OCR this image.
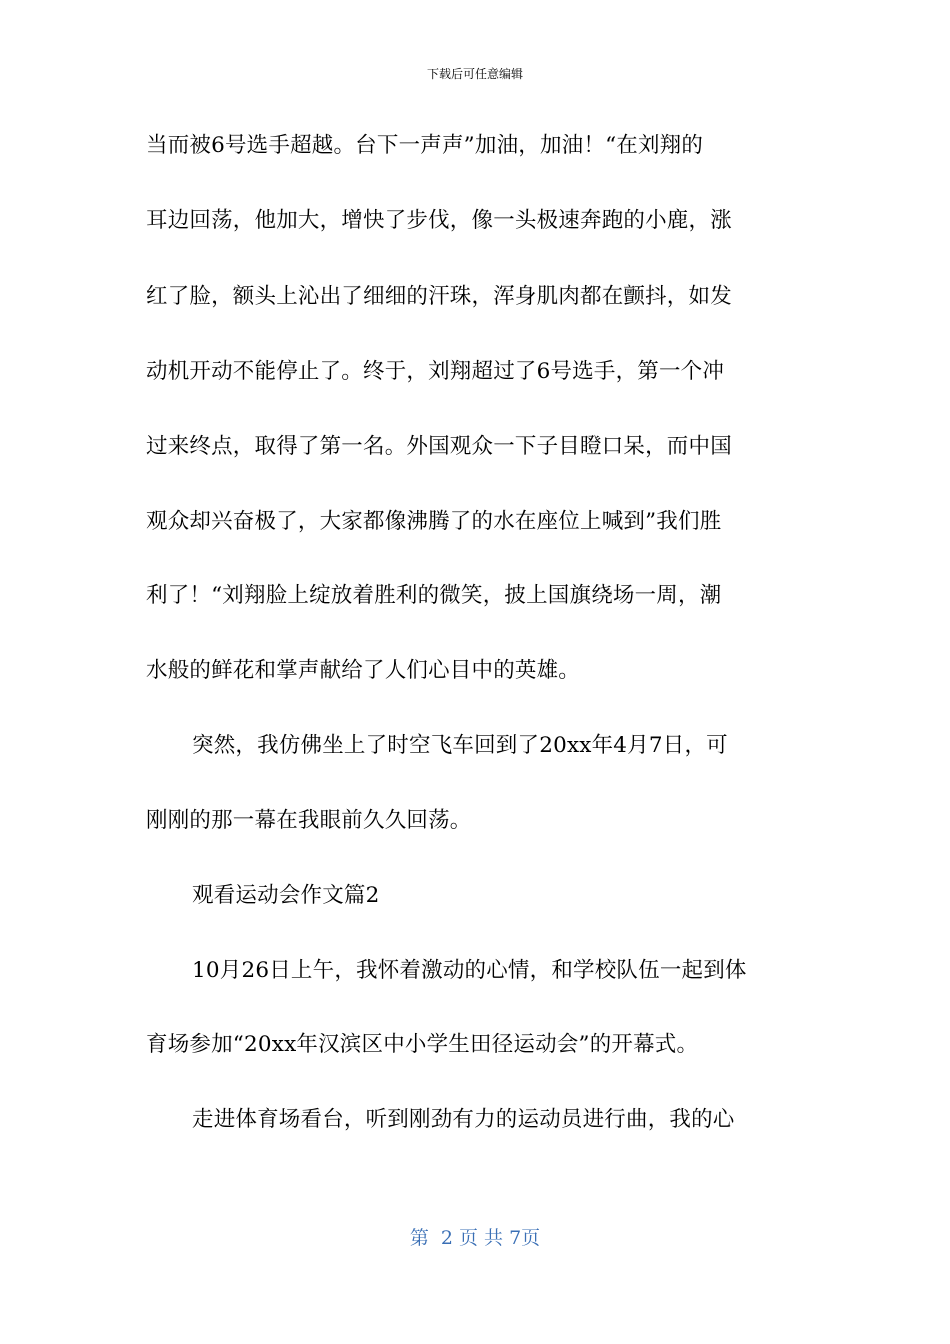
下载后可任意编辑
当而被6号选手超越。台下一声声”加油，加油！“在刘翔的
耳边回荡，他加大，增快了步伐，像一头极速奔跑的小鹿，涨
红了脸，额头上沁出了细细的汗珠，浑身肌肉都在颤抖，如发
动机开动不能停止了。终于，刘翔超过了6号选手，第一个冲
过来终点，取得了第一名。外国观众一下子目瞪口呆，而中国
观众却兴奋极了，大家都像沸腾了的水在座位上喊到”我们胜
利了！“刘翔脸上绽放着胜利的微笑，披上国旗绕场一周，潮
水般的鲜花和掌声献给了人们心目中的英雄。
突然，我仿佛坐上了时空飞车回到了20xx年4月7日，可
刚刚的那一幕在我眼前久久回荡。
观看运动会作文篇2
10月26日上午，我怀着激动的心情，和学校队伍一起到体
育场参加“20xx年汉滨区中小学生田径运动会”的开幕式。
走进体育场看台，听到刚劲有力的运动员进行曲，我的心
第  2 页 共 7页
